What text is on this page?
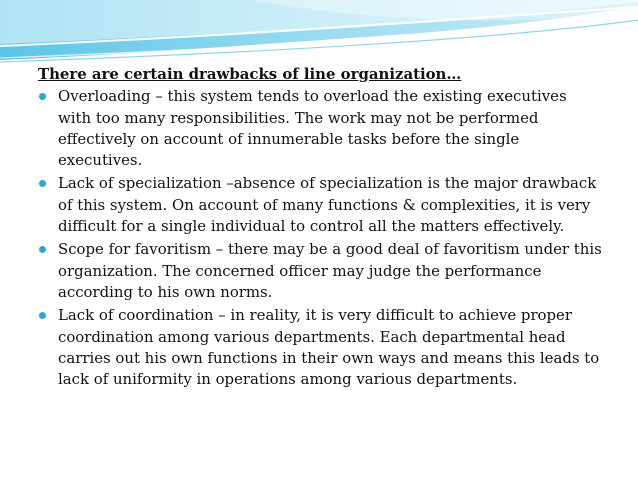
There are certain drawbacks of line organization…
Overloading – this system tends to overload the existing executives with too many responsibilities. The work may not be performed effectively on account of innumerable tasks before the single executives.
Lack of specialization –absence of specialization is the major drawback of this system. On account of many functions & complexities, it is very difficult for a single individual to control all the matters effectively.
Scope for favoritism – there may be a good deal of favoritism under this organization. The concerned officer may judge the performance according to his own norms.
Lack of coordination – in reality, it is very difficult to achieve proper coordination among various departments. Each departmental head carries out his own functions in their own ways and means this leads to lack of uniformity in operations among various departments.
